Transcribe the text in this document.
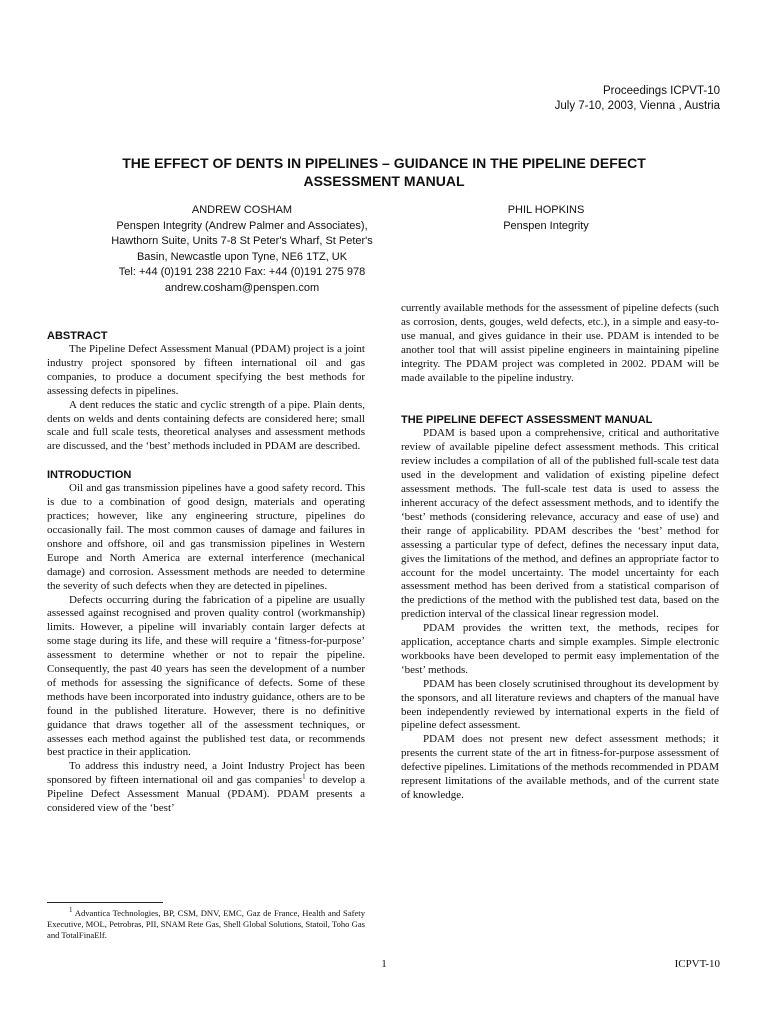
Proceedings ICPVT-10
July 7-10, 2003, Vienna , Austria
THE EFFECT OF DENTS IN PIPELINES – GUIDANCE IN THE PIPELINE DEFECT
ASSESSMENT MANUAL
ANDREW COSHAM
Penspen Integrity (Andrew Palmer and Associates),
Hawthorn Suite, Units 7-8 St Peter's Wharf, St Peter's
Basin, Newcastle upon Tyne, NE6 1TZ, UK
Tel: +44 (0)191 238 2210 Fax: +44 (0)191 275 978
andrew.cosham@penspen.com
PHIL HOPKINS
Penspen Integrity
ABSTRACT

The Pipeline Defect Assessment Manual (PDAM) project is a joint industry project sponsored by fifteen international oil and gas companies, to produce a document specifying the best methods for assessing defects in pipelines.

A dent reduces the static and cyclic strength of a pipe. Plain dents, dents on welds and dents containing defects are considered here; small scale and full scale tests, theoretical analyses and assessment methods are discussed, and the ‘best’ methods included in PDAM are described.

INTRODUCTION

Oil and gas transmission pipelines have a good safety record. This is due to a combination of good design, materials and operating practices; however, like any engineering structure, pipelines do occasionally fail. The most common causes of damage and failures in onshore and offshore, oil and gas transmission pipelines in Western Europe and North America are external interference (mechanical damage) and corrosion. Assessment methods are needed to determine the severity of such defects when they are detected in pipelines.

Defects occurring during the fabrication of a pipeline are usually assessed against recognised and proven quality control (workmanship) limits. However, a pipeline will invariably contain larger defects at some stage during its life, and these will require a ‘fitness-for-purpose’ assessment to determine whether or not to repair the pipeline. Consequently, the past 40 years has seen the development of a number of methods for assessing the significance of defects. Some of these methods have been incorporated into industry guidance, others are to be found in the published literature. However, there is no definitive guidance that draws together all of the assessment techniques, or assesses each method against the published test data, or recommends best practice in their application.

To address this industry need, a Joint Industry Project has been sponsored by fifteen international oil and gas companies$^1$ to develop a Pipeline Defect Assessment Manual (PDAM). PDAM presents a considered view of the ‘best’

$^1$ Advantica Technologies, BP, CSM, DNV, EMC, Gaz de France, Health and Safety Executive, MOL, Petrobras, PII, SNAM Rete Gas, Shell Global Solutions, Statoil, Toho Gas and TotalFinaElf.

currently available methods for the assessment of pipeline defects (such as corrosion, dents, gouges, weld defects, etc.), in a simple and easy-to-use manual, and gives guidance in their use. PDAM is intended to be another tool that will assist pipeline engineers in maintaining pipeline integrity. The PDAM project was completed in 2002. PDAM will be made available to the pipeline industry.

THE PIPELINE DEFECT ASSESSMENT MANUAL

PDAM is based upon a comprehensive, critical and authoritative review of available pipeline defect assessment methods. This critical review includes a compilation of all of the published full-scale test data used in the development and validation of existing pipeline defect assessment methods. The full-scale test data is used to assess the inherent accuracy of the defect assessment methods, and to identify the ‘best’ methods (considering relevance, accuracy and ease of use) and their range of applicability. PDAM describes the ‘best’ method for assessing a particular type of defect, defines the necessary input data, gives the limitations of the method, and defines an appropriate factor to account for the model uncertainty. The model uncertainty for each assessment method has been derived from a statistical comparison of the predictions of the method with the published test data, based on the prediction interval of the classical linear regression model.

PDAM provides the written text, the methods, recipes for application, acceptance charts and simple examples. Simple electronic workbooks have been developed to permit easy implementation of the ‘best’ methods.

PDAM has been closely scrutinised throughout its development by the sponsors, and all literature reviews and chapters of the manual have been independently reviewed by international experts in the field of pipeline defect assessment.

PDAM does not present new defect assessment methods; it presents the current state of the art in fitness-for-purpose assessment of defective pipelines. Limitations of the methods recommended in PDAM represent limitations of the available methods, and of the current state of knowledge.

1	ICPVT-10
